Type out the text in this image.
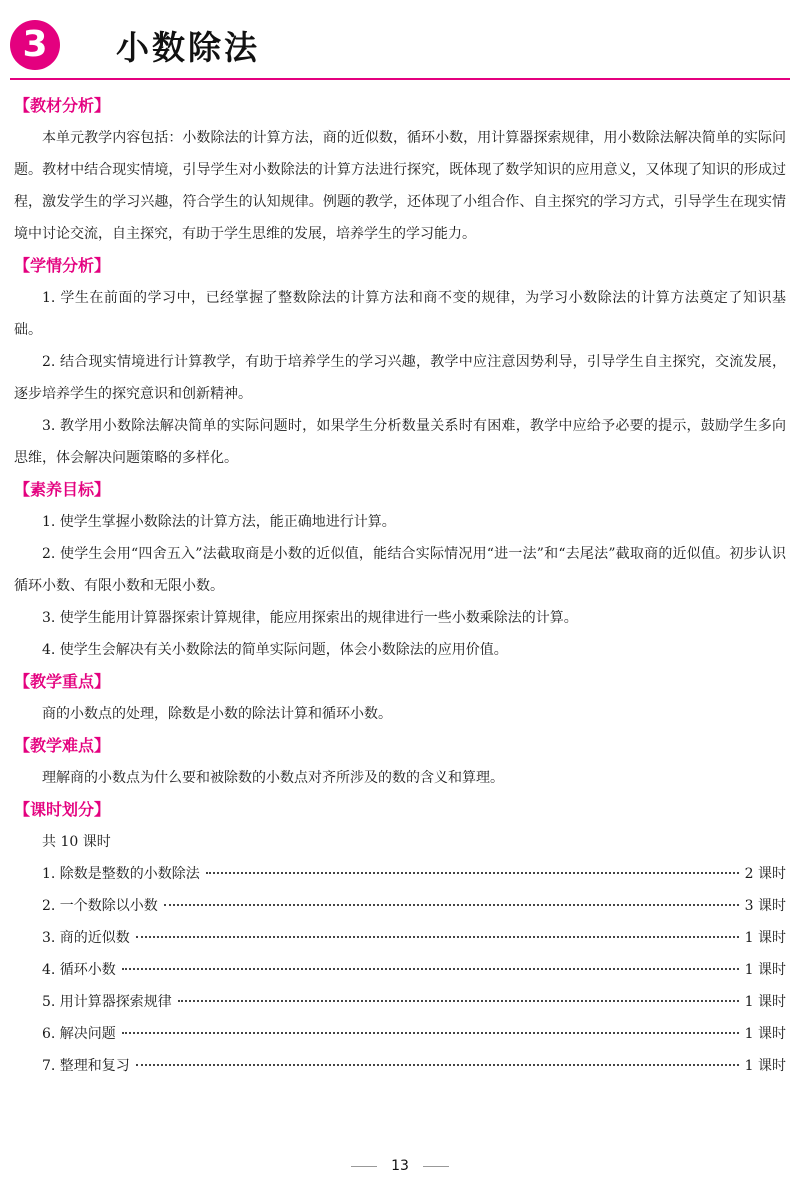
3	小数除法
【教材分析】

本单元教学内容包括：小数除法的计算方法，商的近似数，循环小数，用计算器探索规律，用小数除法解决简单的实际问题。教材中结合现实情境，引导学生对小数除法的计算方法进行探究，既体现了数学知识的应用意义，又体现了知识的形成过程，激发学生的学习兴趣，符合学生的认知规律。例题的教学，还体现了小组合作、自主探究的学习方式，引导学生在现实情境中讨论交流，自主探究，有助于学生思维的发展，培养学生的学习能力。

【学情分析】

1. 学生在前面的学习中，已经掌握了整数除法的计算方法和商不变的规律，为学习小数除法的计算方法奠定了知识基础。

2. 结合现实情境进行计算教学，有助于培养学生的学习兴趣，教学中应注意因势利导，引导学生自主探究，交流发展，逐步培养学生的探究意识和创新精神。

3. 教学用小数除法解决简单的实际问题时，如果学生分析数量关系时有困难，教学中应给予必要的提示，鼓励学生多向思维，体会解决问题策略的多样化。

【素养目标】

1. 使学生掌握小数除法的计算方法，能正确地进行计算。

2. 使学生会用“四舍五入”法截取商是小数的近似值，能结合实际情况用“进一法”和“去尾法”截取商的近似值。初步认识循环小数、有限小数和无限小数。

3. 使学生能用计算器探索计算规律，能应用探索出的规律进行一些小数乘除法的计算。

4. 使学生会解决有关小数除法的简单实际问题，体会小数除法的应用价值。

【教学重点】

商的小数点的处理，除数是小数的除法计算和循环小数。

【教学难点】

理解商的小数点为什么要和被除数的小数点对齐所涉及的数的含义和算理。

【课时划分】

共 10 课时

1. 除数是整数的小数除法	2 课时
2. 一个数除以小数	3 课时
3. 商的近似数	1 课时
4. 循环小数	1 课时
5. 用计算器探索规律	1 课时
6. 解决问题	1 课时
7. 整理和复习	1 课时
13
